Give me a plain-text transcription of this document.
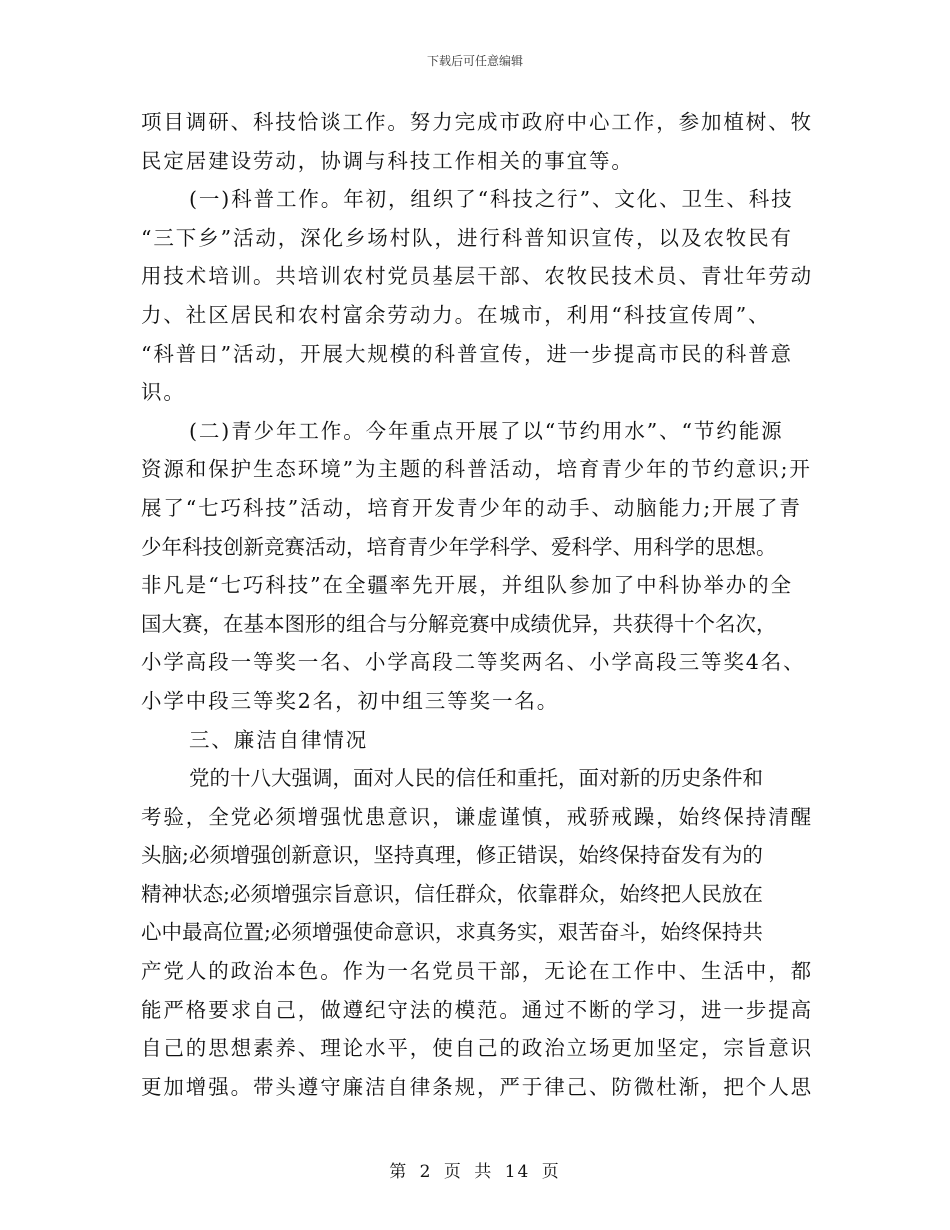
下载后可任意编辑
项目调研、科技恰谈工作。努力完成市政府中心工作，参加植树、牧
民定居建设劳动，协调与科技工作相关的事宜等。
(一)科普工作。年初，组织了“科技之行”、文化、卫生、科技
“三下乡”活动，深化乡场村队，进行科普知识宣传，以及农牧民有
用技术培训。共培训农村党员基层干部、农牧民技术员、青壮年劳动
力、社区居民和农村富余劳动力。在城市，利用“科技宣传周”、
“科普日”活动，开展大规模的科普宣传，进一步提高市民的科普意
识。
(二)青少年工作。今年重点开展了以“节约用水”、“节约能源
资源和保护生态环境”为主题的科普活动，培育青少年的节约意识;开
展了“七巧科技”活动，培育开发青少年的动手、动脑能力;开展了青
少年科技创新竞赛活动，培育青少年学科学、爱科学、用科学的思想。
非凡是“七巧科技”在全疆率先开展，并组队参加了中科协举办的全
国大赛，在基本图形的组合与分解竞赛中成绩优异，共获得十个名次，
小学高段一等奖一名、小学高段二等奖两名、小学高段三等奖4名、
小学中段三等奖2名，初中组三等奖一名。
三、廉洁自律情况
党的十八大强调，面对人民的信任和重托，面对新的历史条件和
考验，全党必须增强忧患意识，谦虚谨慎，戒骄戒躁，始终保持清醒
头脑;必须增强创新意识，坚持真理，修正错误，始终保持奋发有为的
精神状态;必须增强宗旨意识，信任群众，依靠群众，始终把人民放在
心中最高位置;必须增强使命意识，求真务实，艰苦奋斗，始终保持共
产党人的政治本色。作为一名党员干部，无论在工作中、生活中，都
能严格要求自己，做遵纪守法的模范。通过不断的学习，进一步提高
自己的思想素养、理论水平，使自己的政治立场更加坚定，宗旨意识
更加增强。带头遵守廉洁自律条规，严于律己、防微杜渐，把个人思
第 2 页 共 14 页
